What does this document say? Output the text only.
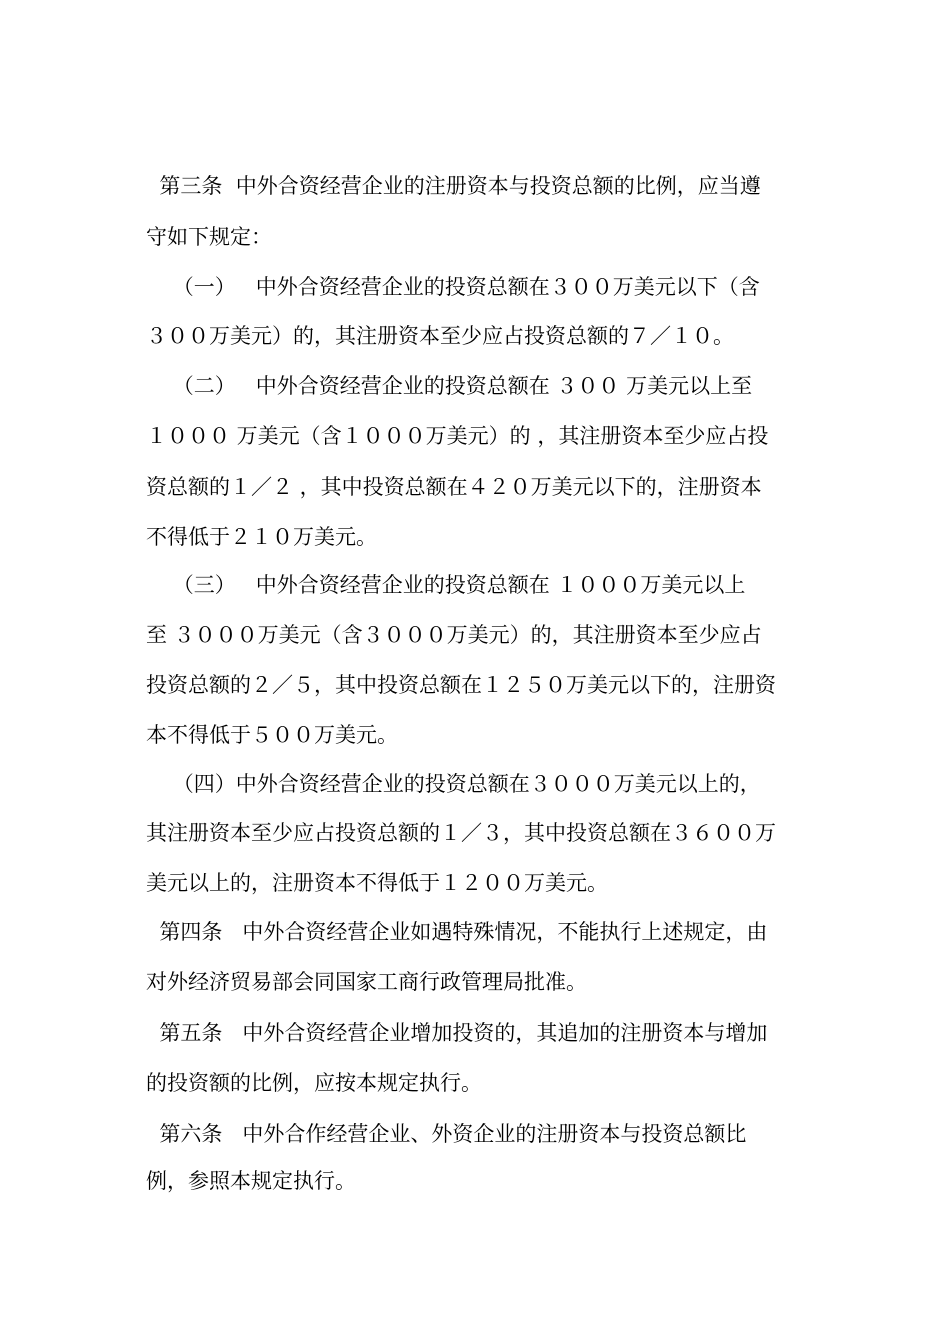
第三条  中外合资经营企业的注册资本与投资总额的比例，应当遵
守如下规定：
（一）   中外合资经营企业的投资总额在３００万美元以下（含
３００万美元）的，其注册资本至少应占投资总额的７／１０。
（二）   中外合资经营企业的投资总额在 ３００ 万美元以上至
１０００ 万美元（含１０００万美元）的 ，其注册资本至少应占投
资总额的１／２ ，其中投资总额在４２０万美元以下的，注册资本
不得低于２１０万美元。
（三）   中外合资经营企业的投资总额在 １０００万美元以上
至 ３０００万美元（含３０００万美元）的，其注册资本至少应占
投资总额的２／５，其中投资总额在１２５０万美元以下的，注册资
本不得低于５００万美元。
（四）中外合资经营企业的投资总额在３０００万美元以上的，
其注册资本至少应占投资总额的１／３，其中投资总额在３６００万
美元以上的，注册资本不得低于１２００万美元。
第四条   中外合资经营企业如遇特殊情况，不能执行上述规定，由
对外经济贸易部会同国家工商行政管理局批准。
第五条   中外合资经营企业增加投资的，其追加的注册资本与增加
的投资额的比例，应按本规定执行。
第六条   中外合作经营企业、外资企业的注册资本与投资总额比
例，参照本规定执行。
